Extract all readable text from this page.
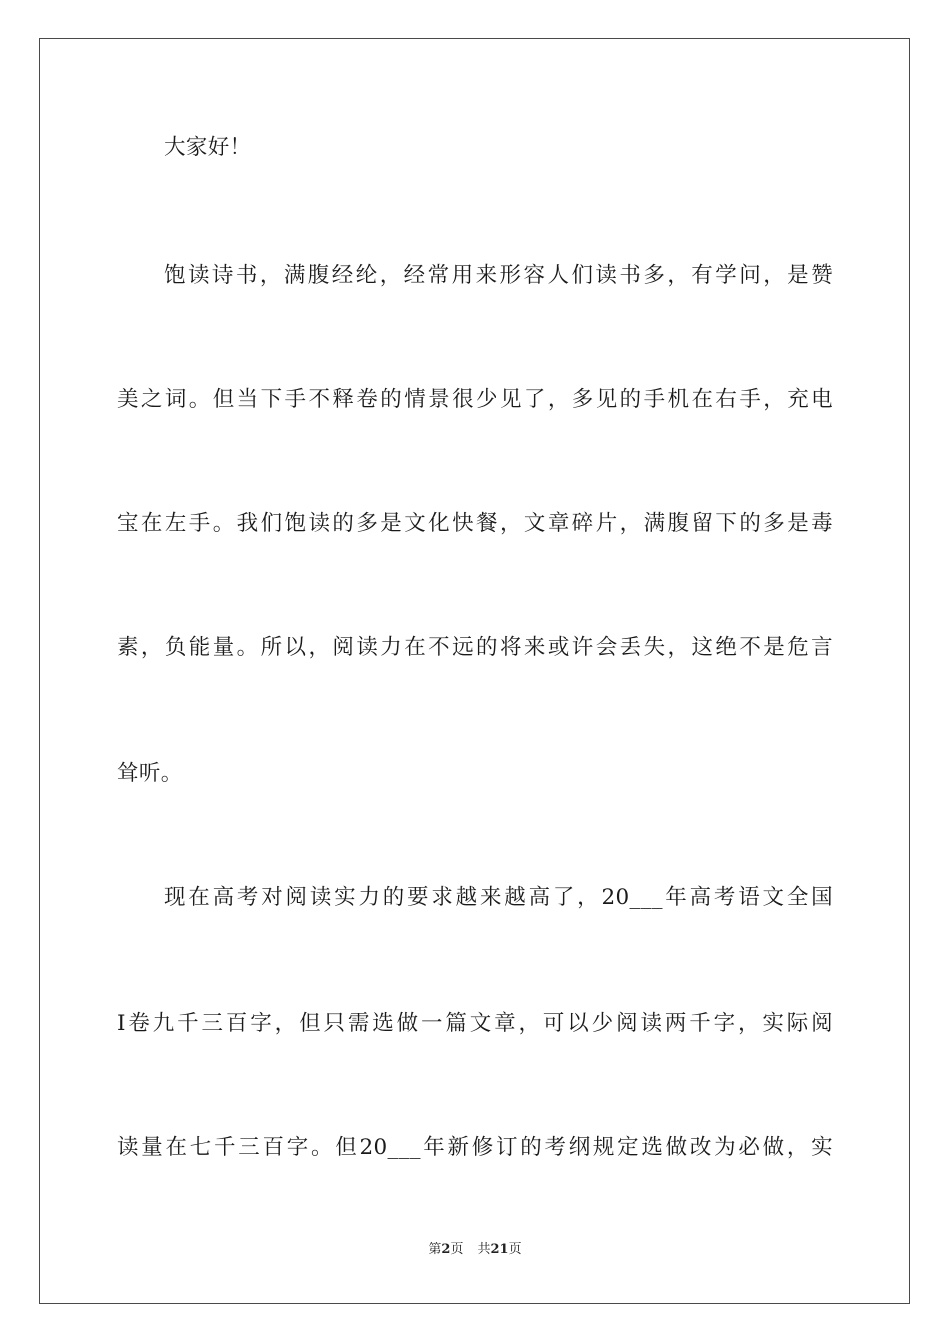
大家好！
饱读诗书，满腹经纶，经常用来形容人们读书多，有学问，是赞
美之词。但当下手不释卷的情景很少见了，多见的手机在右手，充电
宝在左手。我们饱读的多是文化快餐，文章碎片，满腹留下的多是毒
素，负能量。所以，阅读力在不远的将来或许会丢失，这绝不是危言
耸听。
现在高考对阅读实力的要求越来越高了，20___年高考语文全国
Ⅰ卷九千三百字，但只需选做一篇文章，可以少阅读两千字，实际阅
读量在七千三百字。但20___年新修订的考纲规定选做改为必做，实
第2页 共21页
